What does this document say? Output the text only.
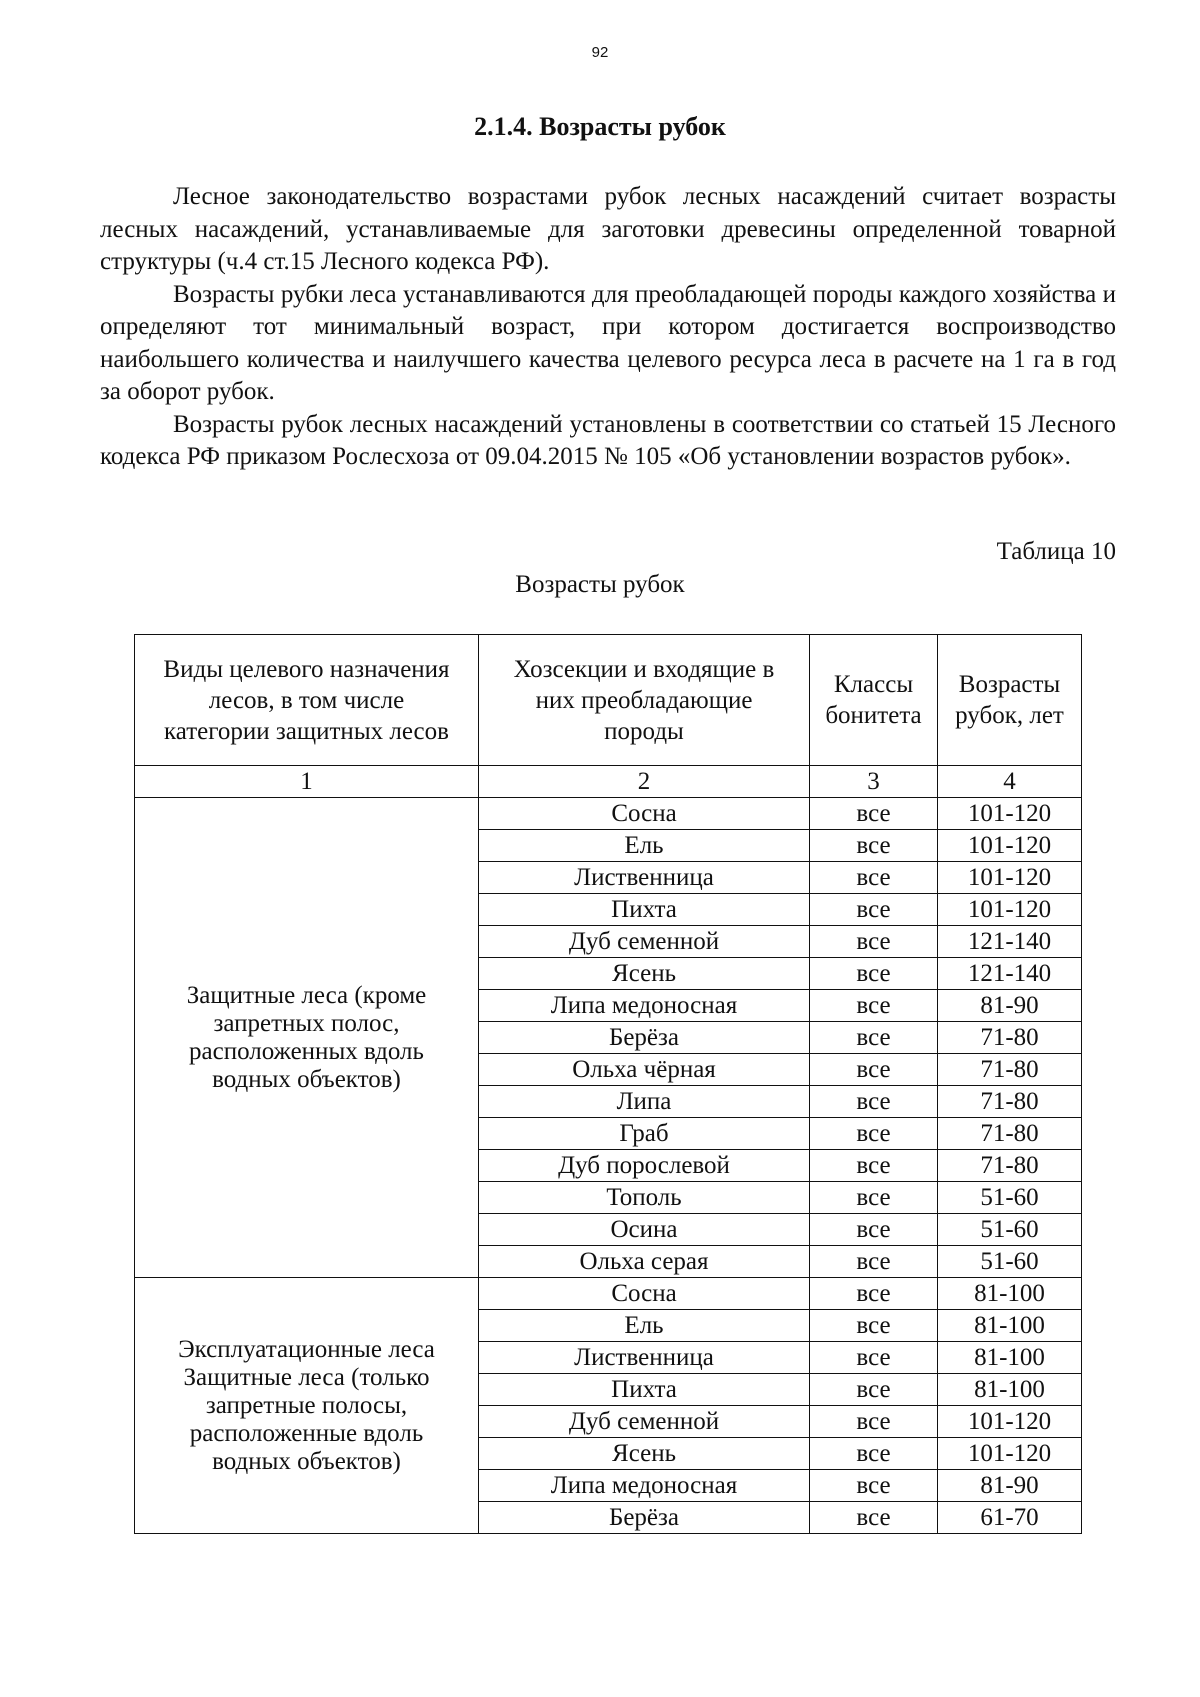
92
2.1.4. Возрасты рубок

Лесное законодательство возрастами рубок лесных насаждений считает возрасты лесных насаждений, устанавливаемые для заготовки древесины определенной товарной структуры (ч.4 ст.15 Лесного кодекса РФ).

Возрасты рубки леса устанавливаются для преобладающей породы каждого хозяйства и определяют тот минимальный возраст, при котором достигается воспроизводство наибольшего количества и наилучшего качества целевого ресурса леса в расчете на 1 га в год за оборот рубок.

Возрасты рубок лесных насаждений установлены в соответствии со статьей 15 Лесного кодекса РФ приказом Рослесхоза от 09.04.2015 № 105 «Об установлении возрастов рубок».

Таблица 10
Возрасты рубок
Виды целевого назначения лесов, в том числе категории защитных лесов	Хозсекции и входящие в них преобладающие породы	Классы бонитета	Возрасты рубок, лет
1	2	3	4
Защитные леса (кроме запретных полос, расположенных вдоль водных объектов)	Сосна	все	101-120
	Ель	все	101-120
	Лиственница	все	101-120
	Пихта	все	101-120
	Дуб семенной	все	121-140
	Ясень	все	121-140
	Липа медоносная	все	81-90
	Берёза	все	71-80
	Ольха чёрная	все	71-80
	Липа	все	71-80
	Граб	все	71-80
	Дуб порослевой	все	71-80
	Тополь	все	51-60
	Осина	все	51-60
	Ольха серая	все	51-60
Эксплуатационные леса Защитные леса (только запретные полосы, расположенные вдоль водных объектов)	Сосна	все	81-100
	Ель	все	81-100
	Лиственница	все	81-100
	Пихта	все	81-100
	Дуб семенной	все	101-120
	Ясень	все	101-120
	Липа медоносная	все	81-90
	Берёза	все	61-70
